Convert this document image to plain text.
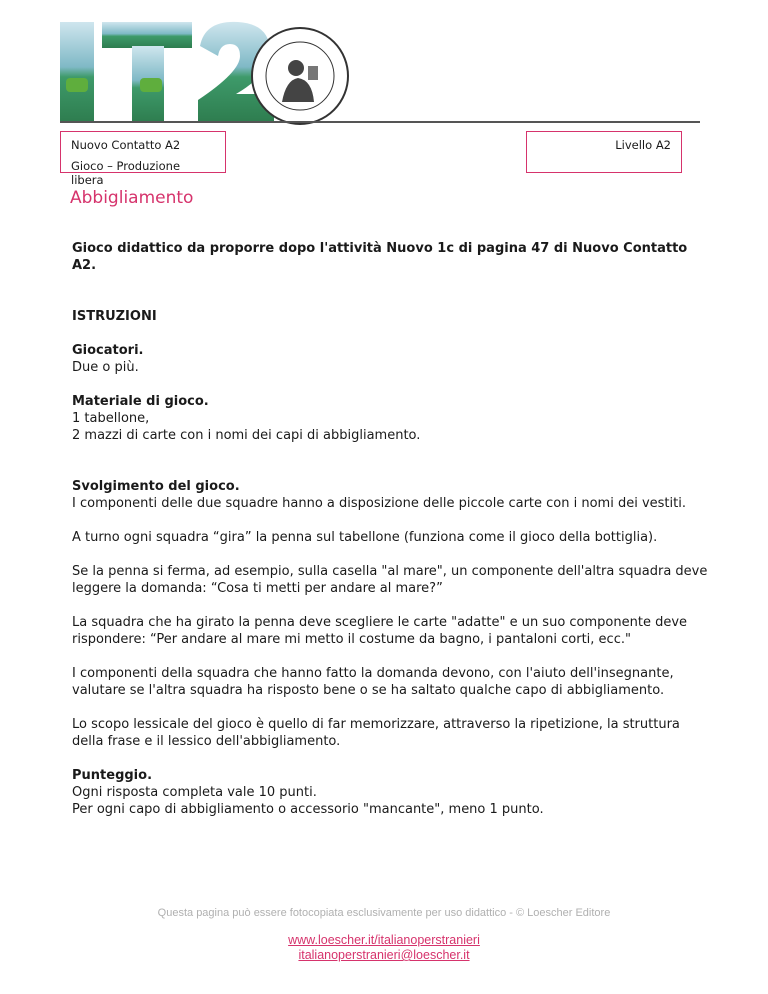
Nuovo Contatto A2
Gioco – Produzione libera
Livello A2
Abbigliamento

Gioco didattico da proporre dopo l'attività Nuovo 1c di pagina 47 di Nuovo Contatto A2.

ISTRUZIONI

Giocatori.

Due o più.

Materiale di gioco.

1 tabellone,

2 mazzi di carte con i nomi dei capi di abbigliamento.

Svolgimento del gioco.

I componenti delle due squadre hanno a disposizione delle piccole carte con i nomi dei vestiti.

A turno ogni squadra “gira” la penna sul tabellone (funziona come il gioco della bottiglia).

Se la penna si ferma, ad esempio, sulla casella "al mare", un componente dell'altra squadra deve leggere la domanda: “Cosa ti metti per andare al mare?”

La squadra che ha girato la penna deve scegliere le carte "adatte" e un suo componente deve rispondere: “Per andare al mare mi metto il costume da bagno, i pantaloni corti, ecc."

I componenti della squadra che hanno fatto la domanda devono, con l'aiuto dell'insegnante, valutare se l'altra squadra ha risposto bene o se ha saltato qualche capo di abbigliamento.

Lo scopo lessicale del gioco è quello di far memorizzare, attraverso la ripetizione, la struttura della frase e il lessico dell'abbigliamento.

Punteggio.

Ogni risposta completa vale 10 punti.

Per ogni capo di abbigliamento o accessorio "mancante", meno 1 punto.

Questa pagina può essere fotocopiata esclusivamente per uso didattico - © Loescher Editore
www.loescher.it/italianoperstranieri
italianoperstranieri@loescher.it
